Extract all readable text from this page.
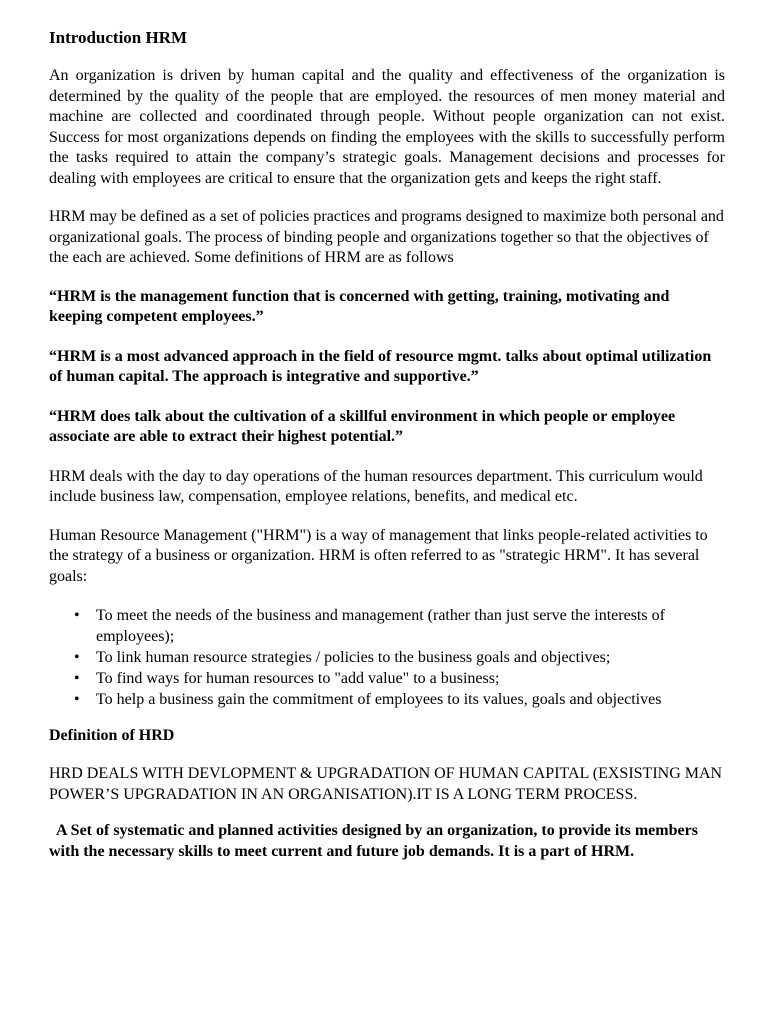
Introduction HRM

An organization is driven by human capital and the quality and effectiveness of the organization is determined by the quality of the people that are employed. the resources of men money material and machine are collected and coordinated through people. Without people organization can not exist. Success for most organizations depends on finding the employees with the skills to successfully perform the tasks required to attain the company’s strategic goals. Management decisions and processes for dealing with employees are critical to ensure that the organization gets and keeps the right staff.

HRM may be defined as a set of policies practices and programs designed to maximize both personal and organizational goals. The process of binding people and organizations together so that the objectives of the each are achieved. Some definitions of HRM are as follows

“HRM is the management function that is concerned with getting, training, motivating and keeping competent employees.”

“HRM is a most advanced approach in the field of resource mgmt. talks about optimal utilization of human capital. The approach is integrative and supportive.”

“HRM does talk about the cultivation of a skillful environment in which people or employee associate are able to extract their highest potential.”

HRM deals with the day to day operations of the human resources department. This curriculum would include business law, compensation, employee relations, benefits, and medical etc.

Human Resource Management ("HRM") is a way of management that links people-related activities to the strategy of a business or organization. HRM is often referred to as "strategic HRM". It has several goals:

• To meet the needs of the business and management (rather than just serve the interests of employees);
• To link human resource strategies / policies to the business goals and objectives;
• To find ways for human resources to "add value" to a business;
• To help a business gain the commitment of employees to its values, goals and objectives
Definition of HRD

HRD DEALS WITH DEVLOPMENT & UPGRADATION OF HUMAN CAPITAL (EXSISTING MAN POWER’S UPGRADATION IN AN ORGANISATION).IT IS A LONG TERM PROCESS.

A Set of systematic and planned activities designed by an organization, to provide its members with the necessary skills to meet current and future job demands. It is a part of HRM.
